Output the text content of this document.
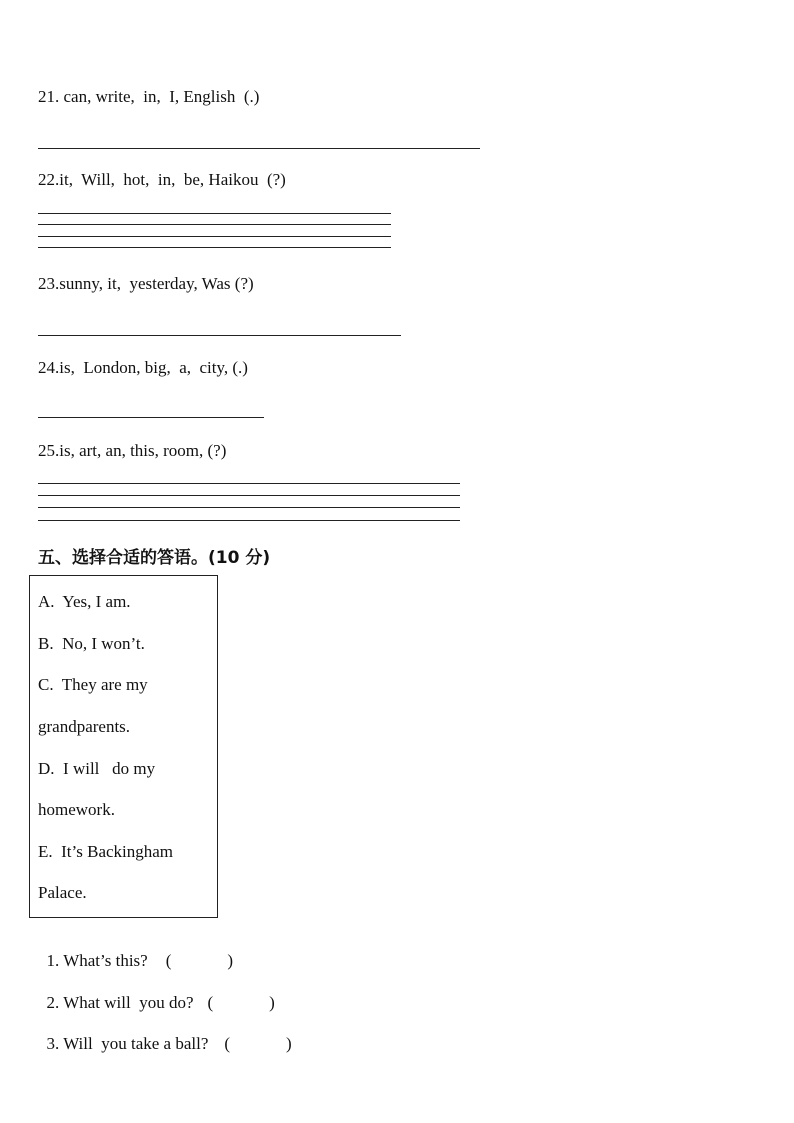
21. can, write,  in,  I, English  (.)
22.it,  Will,  hot,  in,  be, Haikou  (?)
23.sunny, it,  yesterday, Was (?)
24.is,  London, big,  a,  city, (.)
25.is, art, an, this, room, (?)
五、选择合适的答语。(10 分)
A.  Yes, I am.
B.  No, I won’t.
C.  They are my
grandparents.
D.  I will   do my
homework.
E.  It’s Backingham
Palace.

1. What’s this? (	)

2. What will  you do? (	)

3. Will  you take a ball? (	)
